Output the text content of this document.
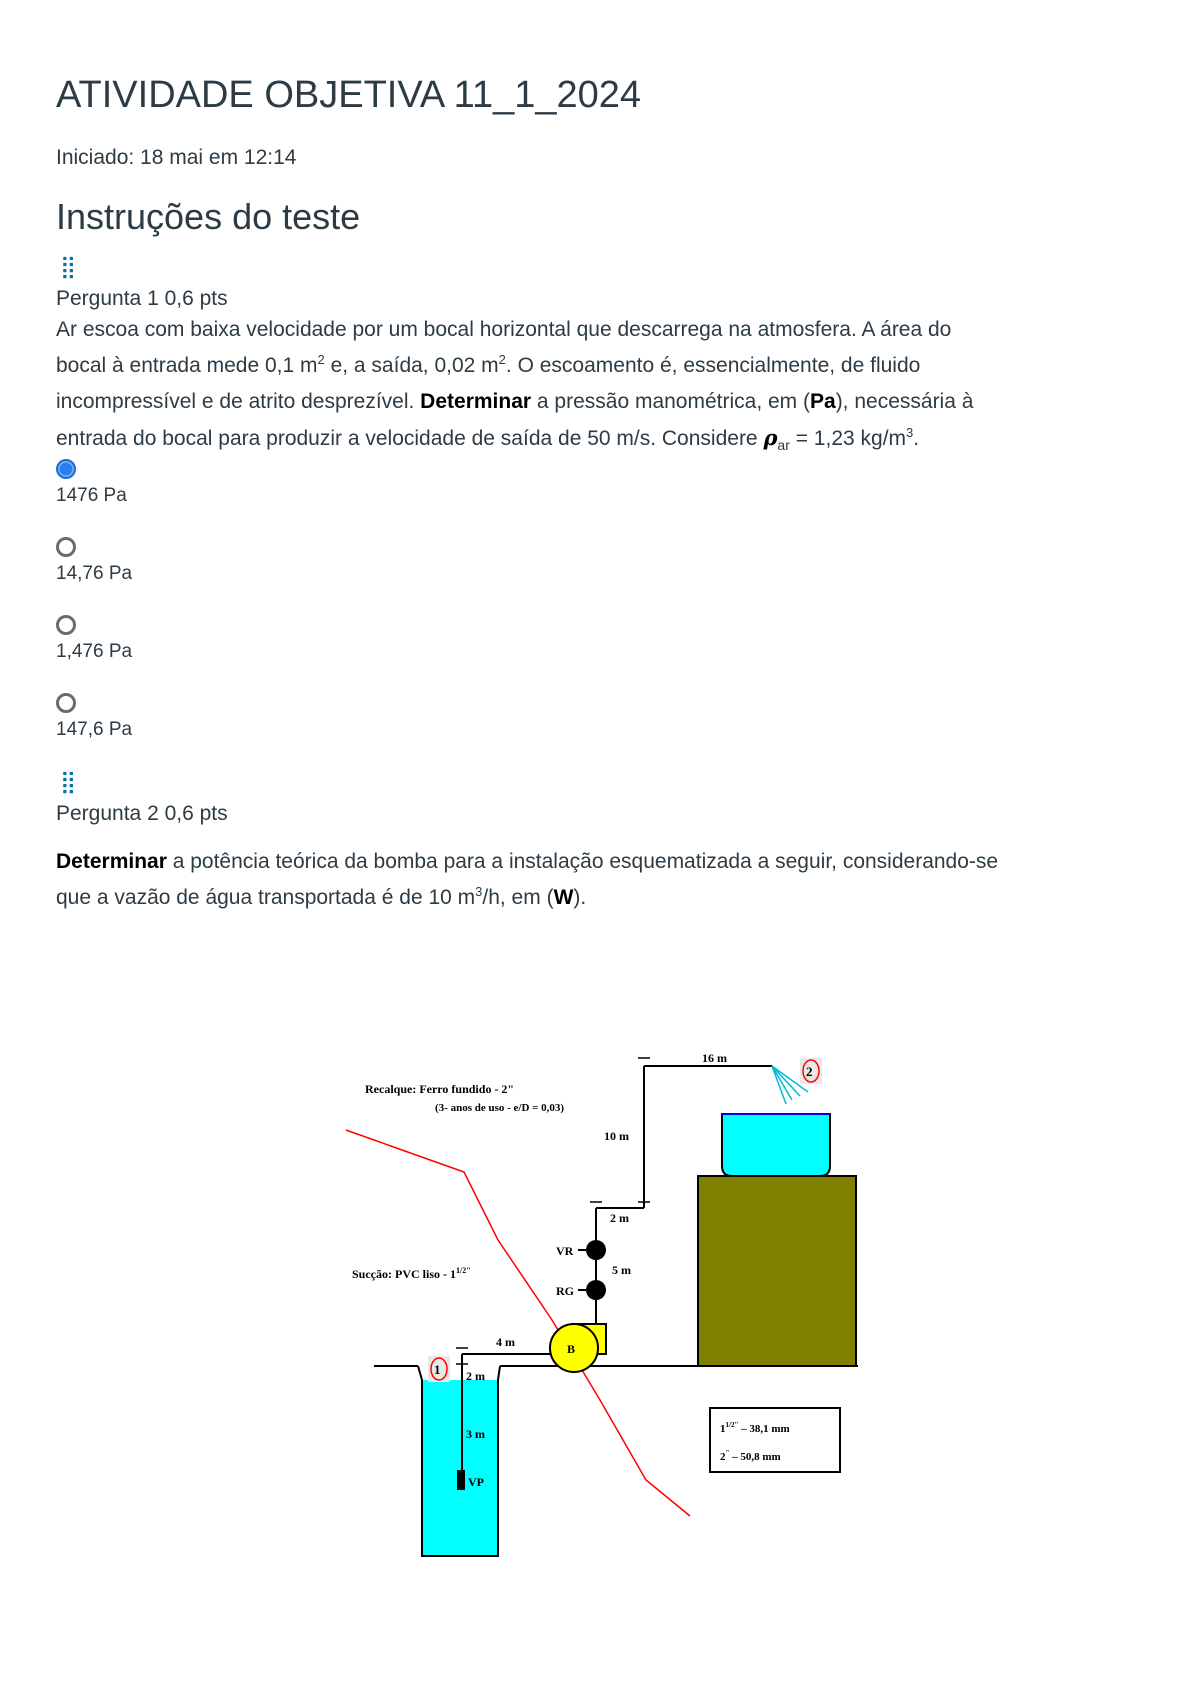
ATIVIDADE OBJETIVA 11_1_2024
Iniciado: 18 mai em 12:14
Instruções do teste
⣿
Pergunta 1 0,6 pts
Ar escoa com baixa velocidade por um bocal horizontal que descarrega na atmosfera. A área do
bocal à entrada mede 0,1 $m^2$ e, a saída, 0,02 $m^2$. O escoamento é, essencialmente, de fluido
incompressível e de atrito desprezível. Determinar a pressão manométrica, em (Pa), necessária à
entrada do bocal para produzir a velocidade de saída de 50 m/s. Considere $\rho_{ar} = 1,23$ $kg/m^3$.
1476 Pa
14,76 Pa
1,476 Pa
147,6 Pa
⣿
Pergunta 2 0,6 pts
Determinar a potência teórica da bomba para a instalação esquematizada a seguir, considerando-se
que a vazão de água transportada é de 10 $m^3/h$, em (W).
2
1
Recalque: Ferro fundido - 2"
(3- anos de uso - e/D = 0,03)
Sucção: PVC liso - $1^{1/2"}$
16 m
10 m
2 m
5 m
4 m
2 m
3 m
VR
RG
VP
B
$1^{1/2"} - 38,1$ mm
2" – 50,8 mm
